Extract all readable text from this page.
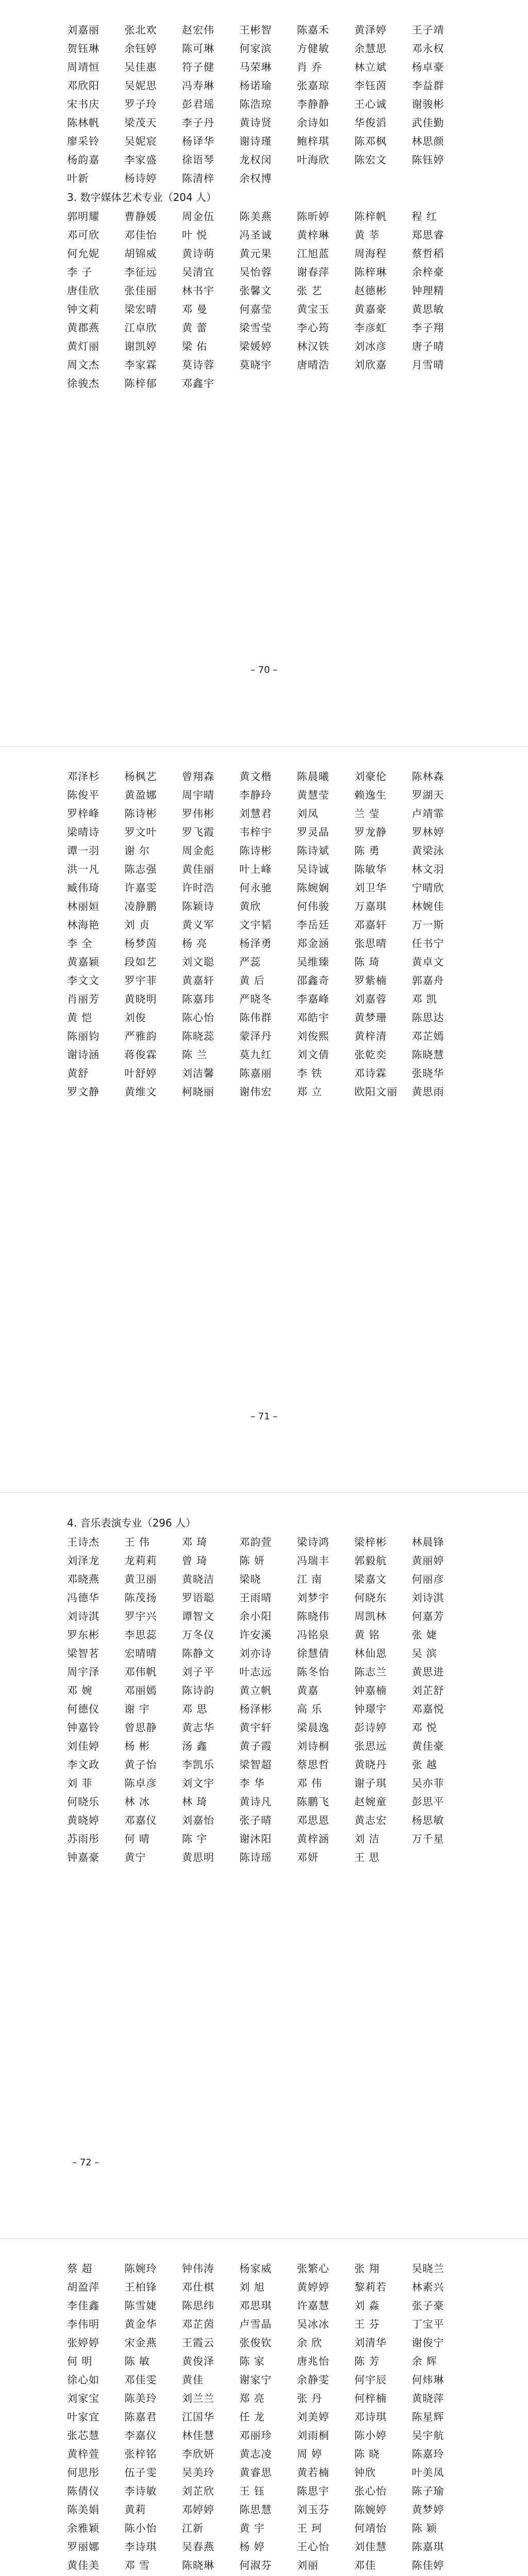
刘嘉丽	张北欢	赵宏伟	王彬智	陈嘉禾	黄泽婷	王子靖
贺钰琳	余钰婷	陈可琳	何家滨	方健敏	余慧思	邓永权
周靖恒	吴佳惠	符子健	马荣琳	肖 乔	林立斌	杨卓豪
邓欣阳	吴妮思	冯寿琳	杨诺瑜	张嘉琼	李钰茵	李益群
宋书庆	罗子玲	彭君瑶	陈浩琼	李静静	王心诚	谢骏彬
陈林帆	梁茂天	李子丹	黄诗贤	余诗如	华俊滔	武佳勤
廖采铃	吴妮宸	杨译华	谢诗瑾	鲍梓琪	陈邓枫	林思颜
杨韵嘉	李家盛	徐语琴	龙权闵	叶海欣	陈宏文	陈钰婷
叶新	杨诗婷	陈清梓	余权博

3. 数字媒体艺术专业（204 人）

郭明耀	曹静媛	周金伍	陈美燕	陈昕婷	陈梓帆	程 红
邓可欣	邓佳怡	叶 悦	冯圣诚	黄梓琳	黄 莘	郑思睿
何允妮	胡锦威	黄诗萌	黄元果	江旭蓝	周海程	蔡哲稻
李 子	李征远	吴清宜	吴怡蓉	谢春萍	陈梓琳	余梓豪
唐佳欣	张佳丽	林书宇	张馨文	张 艺	赵德彬	钟理精
钟文莉	梁宏晴	邓 曼	何嘉莹	黄宝玉	黄嘉豪	黄思敏
黄郡燕	江卓欣	黄 蕾	梁雪莹	李心筠	李彦虹	李子翔
黄灯丽	谢凯婷	梁 佑	梁媛婷	林汉铁	刘冰彦	唐子晴
周文杰	李家霖	莫诗蓉	莫晓宇	唐晴浩	刘欣嘉	月雪晴
徐骏杰	陈梓郁	邓鑫宇
– 70 –
邓泽杉	杨枫艺	曾翔森	黄文楷	陈晨曦	刘豪伦	陈林森
陈俊平	黄盈娜	周宇晴	李静玲	黄慧莹	赖逸生	罗湖天
罗梓峰	陈诗彬	罗伟彬	刘慧君	刘凤	兰 莹	卢靖霏
梁晴诗	罗文叶	罗飞霞	韦梓宇	罗灵晶	罗龙静	罗林婷
谭一羽	谢 尔	周金彪	陈诗彬	陈诗斌	陈 勇	黄梁泳
洪一凡	陈志强	黄佳丽	叶上峰	吴诗诚	陈敏华	林文羽
臧伟琦	许嘉雯	许时浩	何永驰	陈婉娴	刘卫华	宁晴欣
林丽姮	凌静鹏	陈颖诗	黄欣	何伟骏	万嘉琪	林婉佳
林海艳	刘 贞	黄义军	文宇韬	李岳廷	邓嘉轩	万一斯
李 全	杨梦茵	杨 亮	杨泽勇	郑金涵	张思晴	任书宁
黄嘉颖	段如艺	刘文聪	严蕊	吴维臻	陈 琦	黄卓文
李文文	罗宇菲	黄嘉轩	黄 后	邵鑫奇	罗紫楠	郭嘉舟
肖丽芳	黄晓明	陈嘉玮	严晓冬	李嘉峰	刘嘉蓉	邓 凯
黄 恺	刘俊	陈心怡	陈伟群	邓皓宇	黄梦珊	陈思达
陈丽钧	严雅韵	陈晓蕊	蒙泽丹	刘俊熙	黄梓清	邓芷嫣
谢诗涵	蒋俊霖	陈 兰	莫九红	刘文倩	张乾奕	陈晓慧
黄舒	叶舒婷	刘洁馨	陈嘉丽	李 铁	邓诗霖	张晓华
罗文静	黄维文	柯晓丽	谢伟宏	郑 立	欧阳文丽	黄思雨
– 71 –

4. 音乐表演专业（296 人）

王诗杰	王 伟	邓 琦	邓韵萱	梁诗鸿	梁梓彬	林晨锋
刘泽龙	龙莉莉	曾 琦	陈 妍	冯瑞丰	郭毅航	黄丽婷
邓晓燕	黄卫丽	黄晓洁	梁晓	江 南	梁嘉文	何丽彦
冯德华	陈茂扬	罗语聪	王雨晴	刘梦宇	何晓东	刘诗淇
刘诗淇	罗宇兴	谭智文	余小阳	陈晓伟	周凯林	何嘉芳
罗东彬	李思蕊	万冬仪	许安溪	冯铭泉	黄 铭	张 婕
梁智茗	宏晴晴	陈静文	刘亦诗	徐慧倩	林仙恩	吴 滨
周宇泽	邓伟帆	刘子平	叶志远	陈冬怡	陈志兰	黄思进
邓 婉	邓丽嫣	陈诗韵	黄立帆	黄嘉	钟嘉楠	刘芷舒
何德仪	谢 宇	邓 思	杨泽彬	高 乐	钟璟宇	邓嘉悦
钟嘉铃	曾思静	黄志华	黄宇轩	梁晨逸	彭诗婷	邓 悦
刘佳婷	杨 彬	汤 鑫	黄子霞	刘诗桐	张思远	黄佳豪
李文政	黄子怡	李凯乐	梁智超	蔡思哲	黄晓丹	张 越
刘 菲	陈卓彦	刘文宇	李 华	邓 伟	谢子琪	吴亦菲
何晓乐	林 冰	林 琦	黄诗凡	陈鹏飞	赵婉童	彭思平
黄晓婷	邓嘉仪	刘嘉怡	张子晴	邓思恩	黄志宏	杨思敏
苏雨彤	何 晴	陈 宇	谢沐阳	黄梓涵	刘 洁	万千星
钟嘉豪	黄宁	黄思明	陈诗瑶	邓妍	王 思
– 72 –
蔡 超	陈婉玲	钟伟涛	杨家威	张繁心	张 翔	吴晓兰
胡盈萍	王柏锋	邓仕棋	刘 旭	黄婷婷	黎莉若	林素兴
李佳鑫	陈雪婕	陈思纬	邓思琪	许嘉慧	刘 淼	张子豪
李伟明	黄金华	邓芷茵	卢雪晶	吴冰冰	王 芬	丁宝平
张婷婷	宋金燕	王霞云	张俊钦	余 欣	刘清华	谢俊宁
何 明	陈 敏	黄俊泽	陈 家	唐兆怡	陈 芳	余 辉
徐心如	邓佳雯	黄佳	谢家宁	余静雯	何宇辰	何炜琳
刘家宝	陈美玲	刘兰兰	郑 亮	张 丹	何梓楠	黄晓萍
叶家宜	陈嘉君	江国华	任 龙	刘美婷	邓诗琪	陈星辉
张芯慧	李嘉仪	林佳慧	邓丽珍	刘雨桐	陈小婷	吴宇航
黄梓萱	张梓铭	李欣妍	黄志凌	周 婷	陈 晓	陈嘉玲
何思彤	伍子雯	吴美玲	黄睿思	黄若楠	钟欣	叶美凤
陈倩仪	李诗敏	刘芷欣	王 钰	陈思宇	张心怡	陈子瑜
陈美娟	黄莉	邓婷婷	陈思慧	刘玉芬	陈婉婷	黄梦婷
余雅颖	陈小怡	江新	黄 宇	王 珂	何靖怡	陈 颖
罗丽娜	李诗琪	吴春燕	杨 婷	王心怡	刘佳慧	陈嘉琪
黄佳美	邓 雪	陈晓琳	何淑芬	刘丽	邓佳	陈佳婷
